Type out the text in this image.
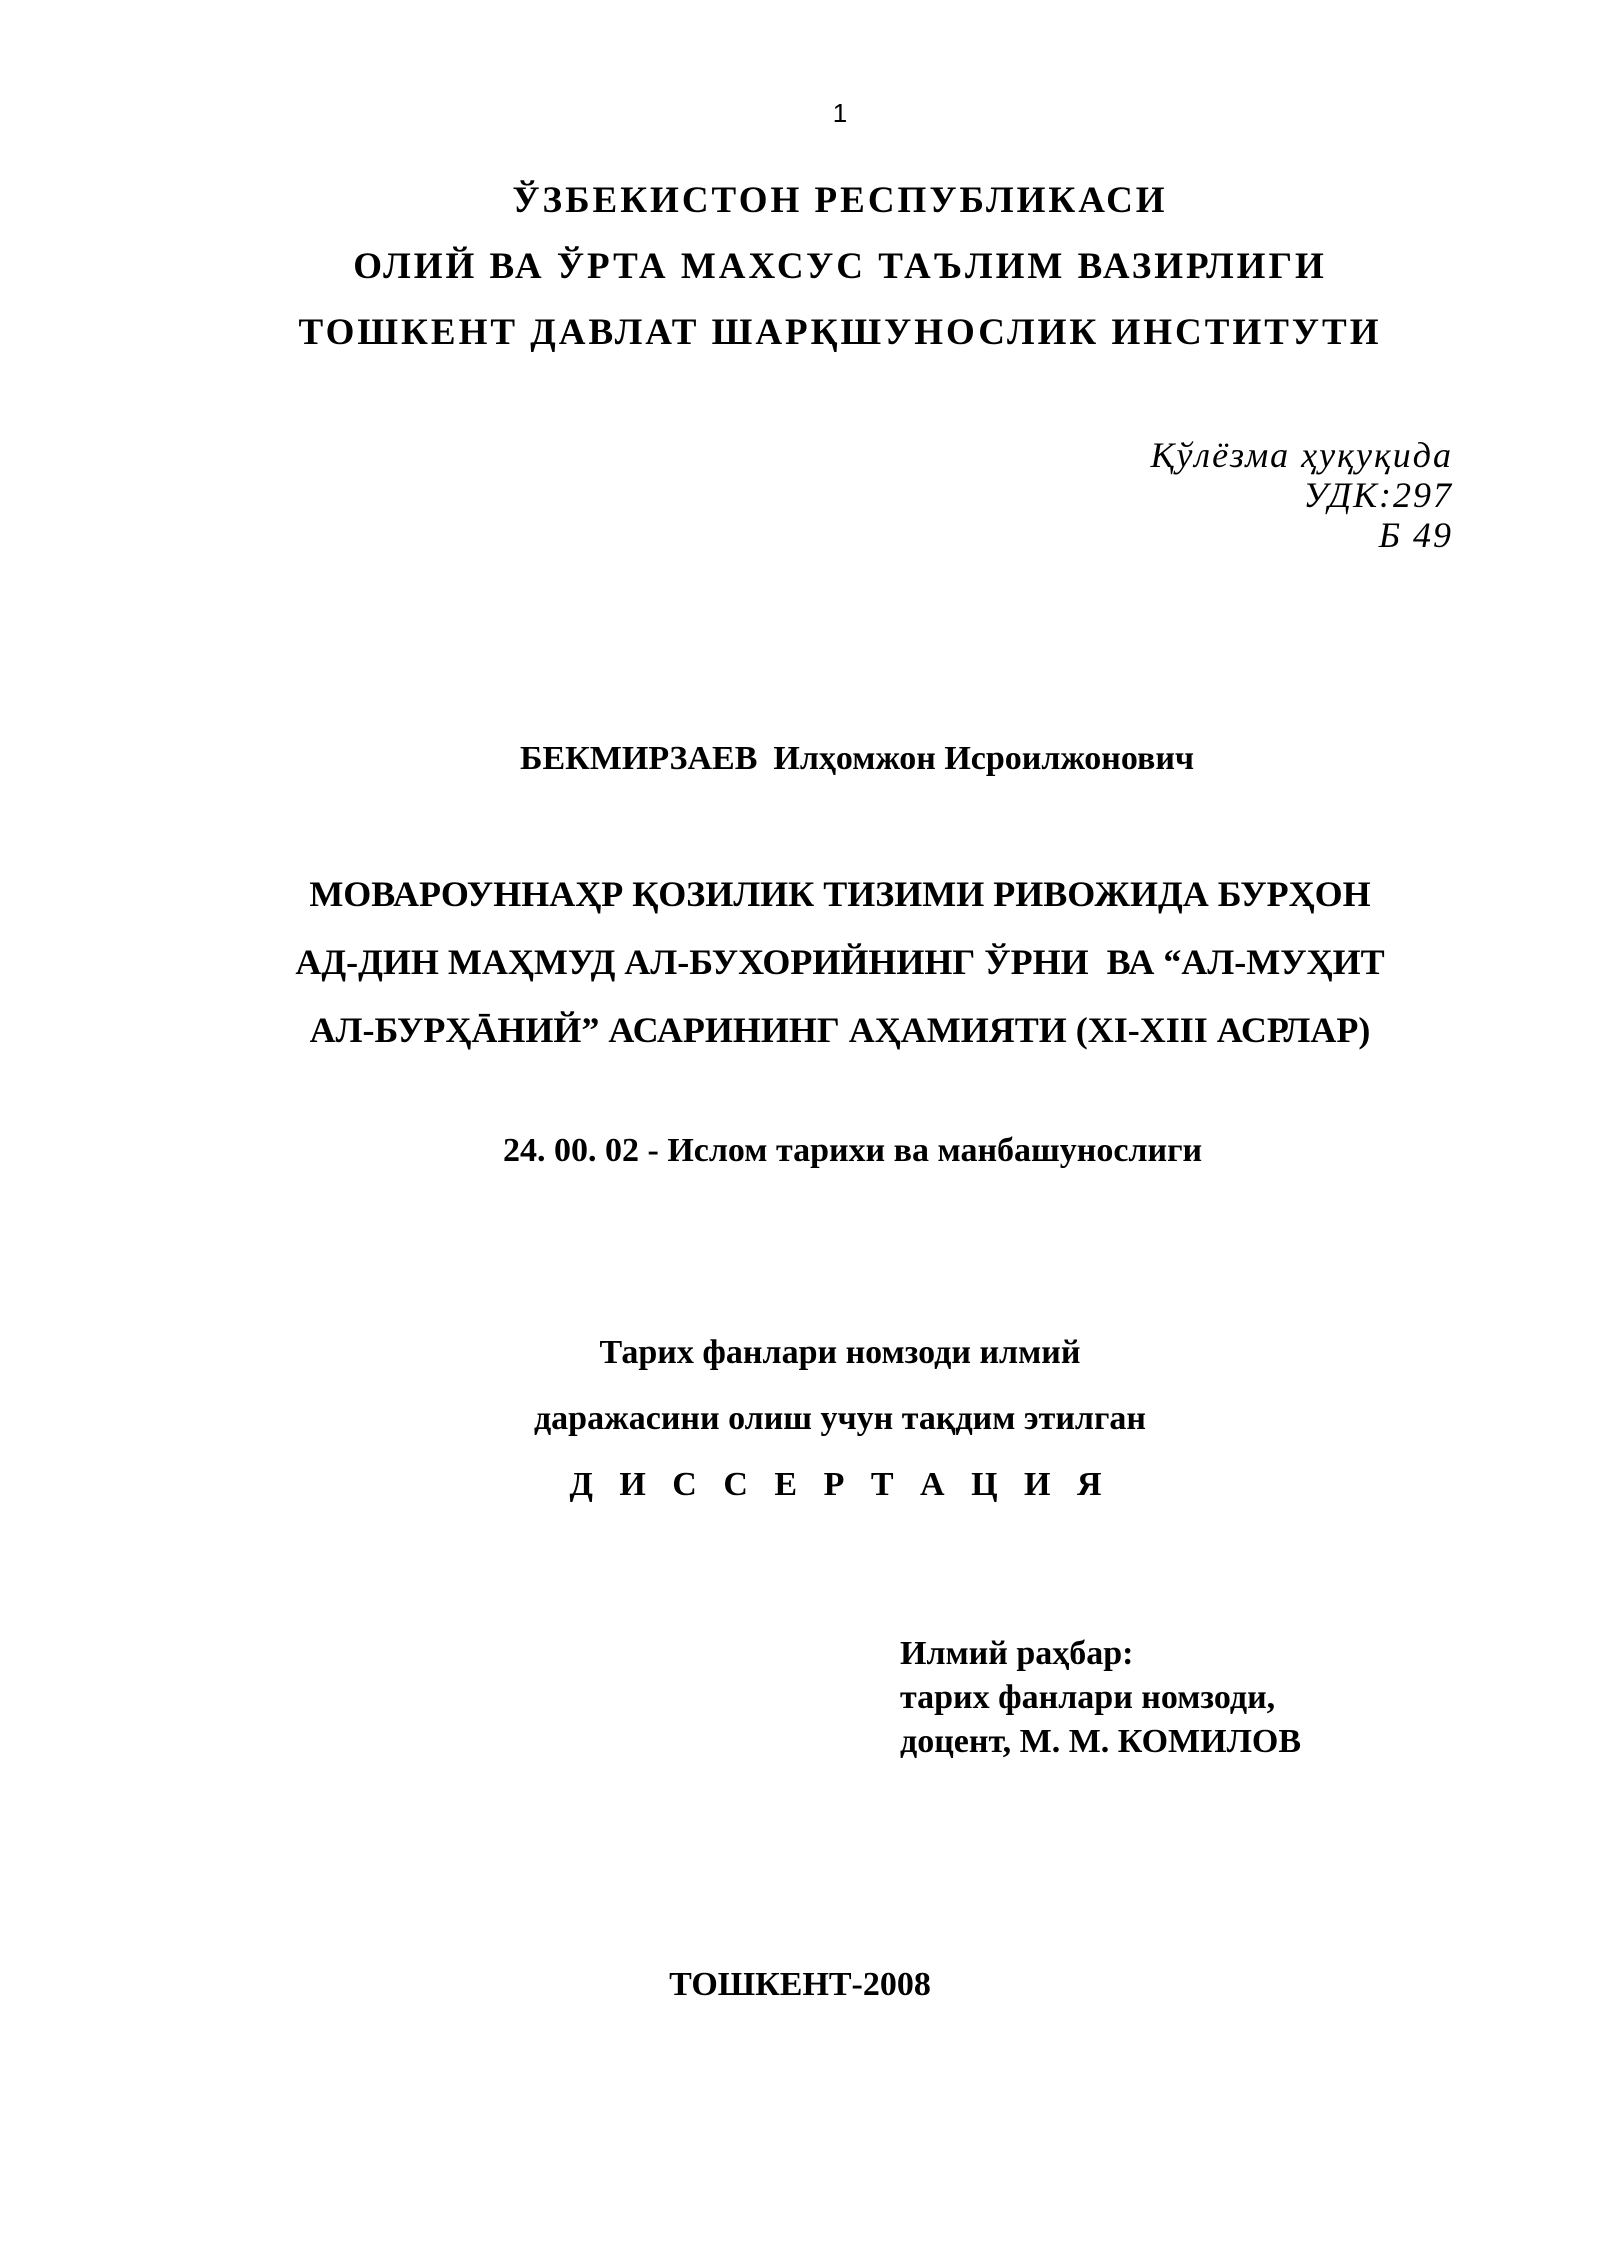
1
ЎЗБЕКИСТОН РЕСПУБЛИКАСИ
ОЛИЙ ВА ЎРТА МАХСУС ТАЪЛИМ ВАЗИРЛИГИ
ТОШКЕНТ ДАВЛАТ ШАРҚШУНОСЛИК ИНСТИТУТИ
Қўлёзма ҳуқуқида
УДК:297
Б 49
БЕКМИРЗАЕВ Илҳомжон Исроилжонович
МОВАРОУННАҲР ҚОЗИЛИК ТИЗИМИ РИВОЖИДА БУРҲОН
АД-ДИН МАҲМУД АЛ-БУХОРИЙНИНГ ЎРНИ  ВА “АЛ-МУҲИТ
АЛ-БУРҲĀНИЙ” АСАРИНИНГ АҲАМИЯТИ (XI-XIII АСРЛАР)
24. 00. 02 - Ислом тарихи ва манбашунослиги
Тарих фанлари номзоди илмий
даражасини олиш учун тақдим этилган
Д И С С Е Р Т А Ц И Я
Илмий раҳбар:
тарих фанлари номзоди,
доцент, М. М. КОМИЛОВ
ТОШКЕНТ-2008
